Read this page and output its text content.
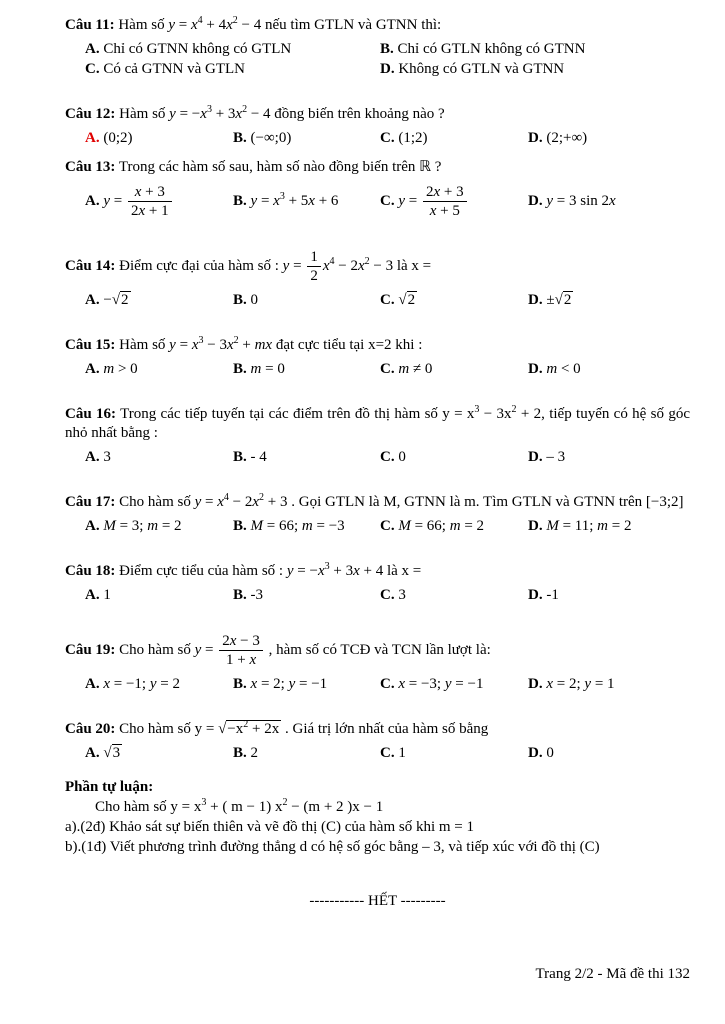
Câu 11: Hàm số $y = x^4 + 4x^2 - 4$ nếu tìm GTLN và GTNN thì:
A. Chỉ có GTNN không có GTLN	B. Chỉ có GTLN không có GTNN
C. Có cả GTNN và GTLN	D. Không có GTLN và GTNN
Câu 12: Hàm số $y = -x^3 + 3x^2 - 4$ đồng biến trên khoảng nào ?
A. (0;2)	B. (−∞;0)	C. (1;2)	D. (2;+∞)
Câu 13: Trong các hàm số sau, hàm số nào đồng biến trên ℝ ?
A. $y = \frac{x + 3}{2x + 1}$	B. $y = x^3 + 5x + 6$	C. $y = \frac{2x + 3}{x + 5}$	D. y = 3 sin 2x
Câu 14: Điểm cực đại của hàm số : $y = \frac{1}{2} x^4 - 2x^2 - 3$ là x =
A. −√2	B. 0	C. √2	D. ±√2
Câu 15: Hàm số $y = x^3 - 3x^2$ + mx đạt cực tiểu tại x=2 khi :
A. m > 0	B. m = 0	C. m ≠ 0	D. m < 0
Câu 16: Trong các tiếp tuyến tại các điểm trên đồ thị hàm số $y = x^3 - 3x^2 + 2$, tiếp tuyến có hệ số góc nhỏ nhất bằng :
A. 3	B. - 4	C. 0	D. – 3
Câu 17: Cho hàm số $y = x^4 - 2x^2 + 3$ . Gọi GTLN là M, GTNN là m. Tìm GTLN và GTNN trên [−3;2]
A. M = 3; m = 2	B. M = 66; m = −3	C. M = 66; m = 2	D. M = 11; m = 2
Câu 18: Điểm cực tiểu của hàm số : $y = -x^3 + 3x + 4$ là x =
A. 1	B. -3	C. 3	D. -1
Câu 19: Cho hàm số $y = \frac{2x - 3}{1 + x}$ , hàm số có TCĐ và TCN lần lượt là:
A. x = −1; y = 2	B. x = 2; y = −1	C. x = −3; y = −1	D. x = 2; y = 1
Câu 20: Cho hàm số $y = √-x^2 + 2x$ . Giá trị lớn nhất của hàm số bằng
A. √3	B. 2	C. 1	D. 0
Phần tự luận:
Cho hàm số $y = x^3$ + ( m − 1) $x^2 - (m + 2$ )x − 1
a).(2đ) Khảo sát sự biến thiên và vẽ đồ thị (C) của hàm số khi m = 1
b).(1đ) Viết phương trình đường thẳng d có hệ số góc bằng – 3, và tiếp xúc với đồ thị (C)
----------- HẾT ---------
Trang 2/2 - Mã đề thi 132
